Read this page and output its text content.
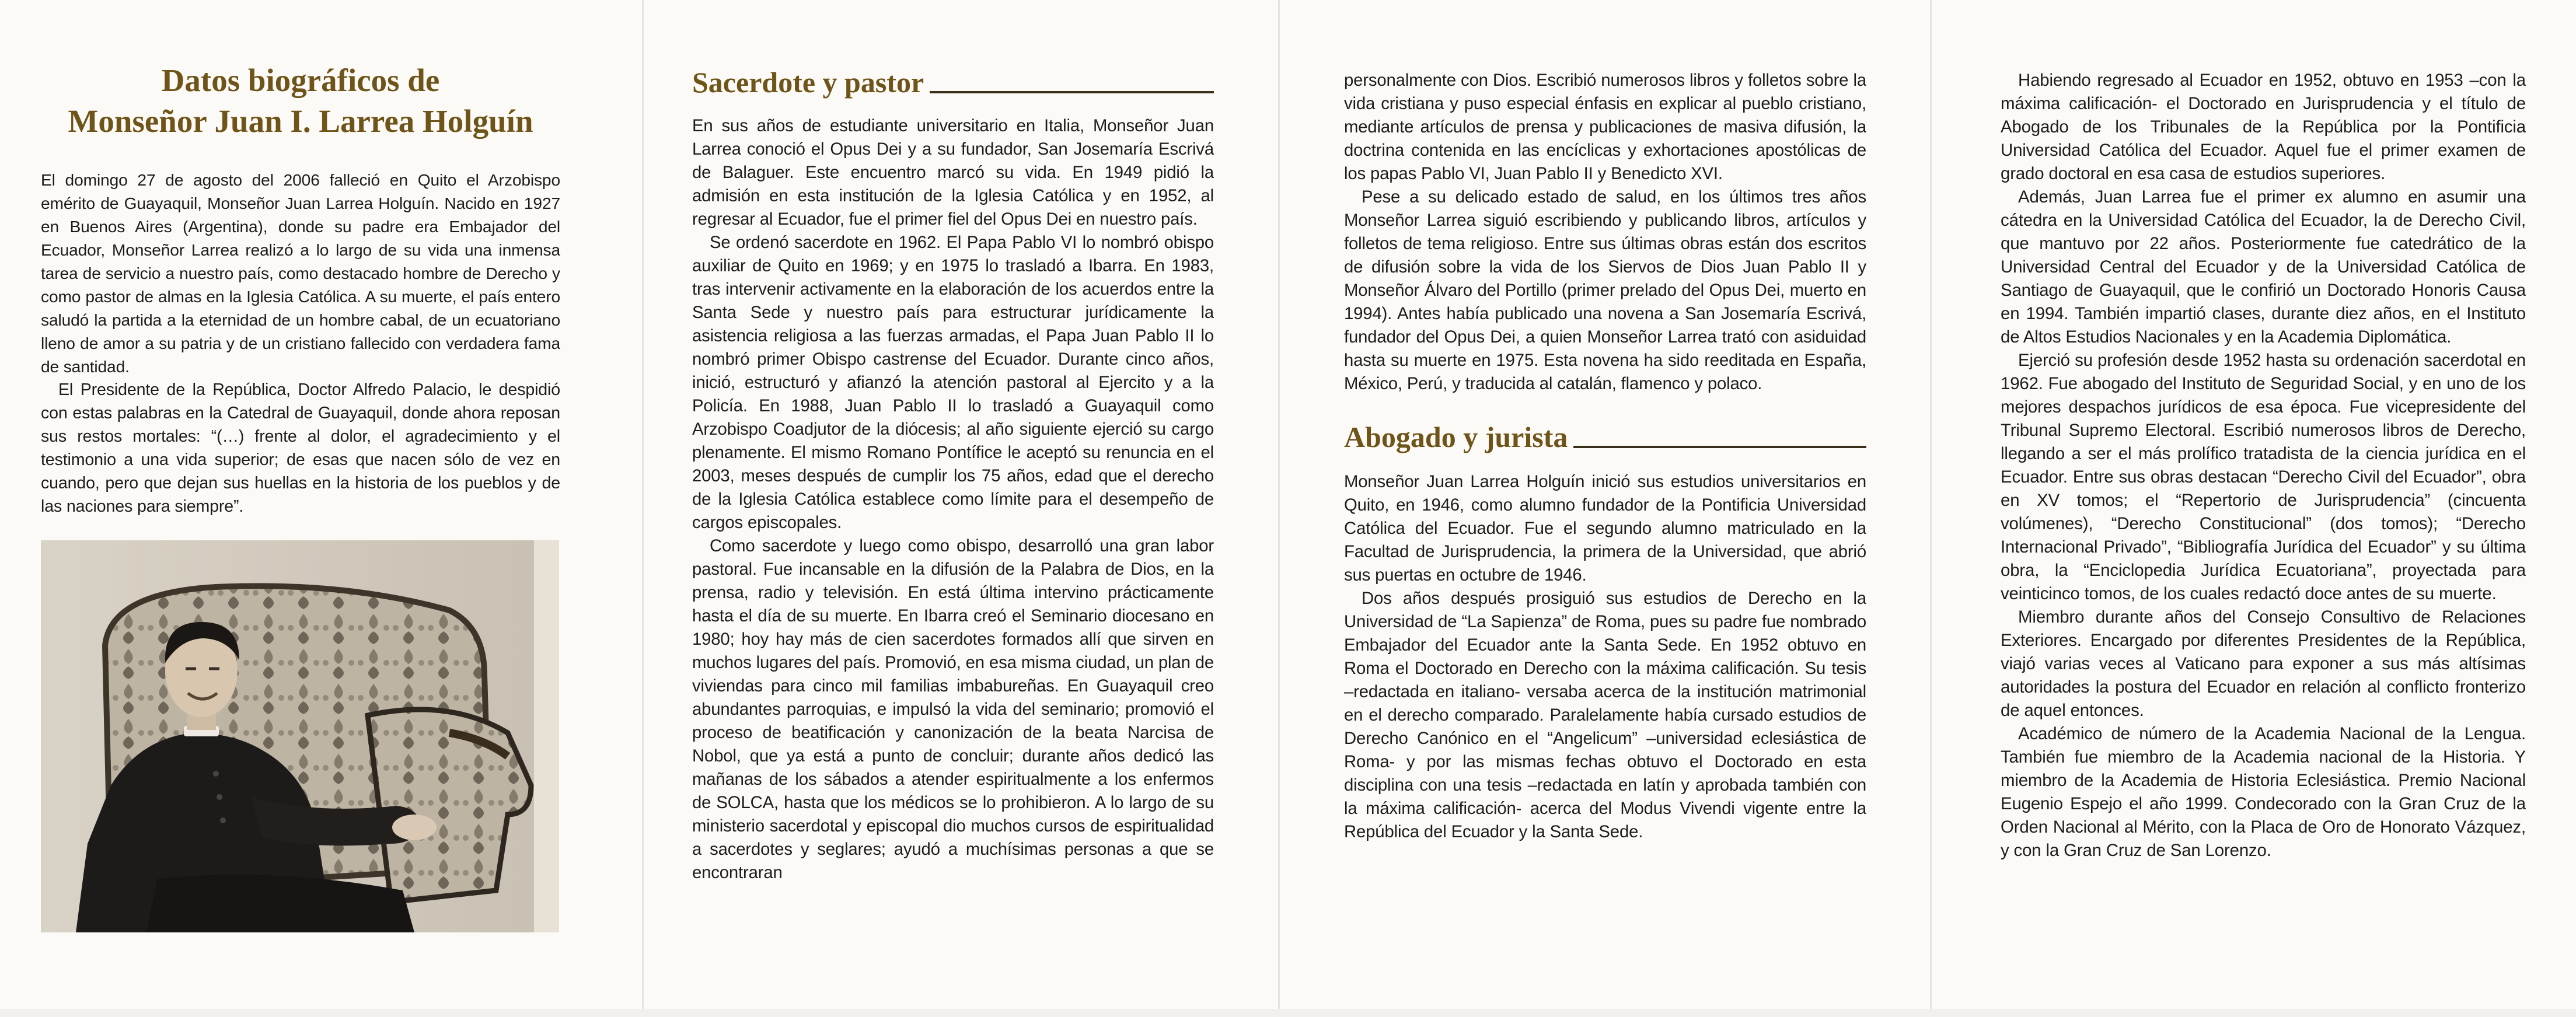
Datos biográficos de
Monseñor Juan I. Larrea Holguín

El domingo 27 de agosto del 2006 falleció en Quito el Arzobispo emérito de Guayaquil, Monseñor Juan Larrea Holguín. Nacido en 1927 en Buenos Aires (Argentina), donde su padre era Embajador del Ecuador, Monseñor Larrea realizó a lo largo de su vida una inmensa tarea de servicio a nuestro país, como destacado hombre de Derecho y como pastor de almas en la Iglesia Católica. A su muerte, el país entero saludó la partida a la eternidad de un hombre cabal, de un ecuatoriano lleno de amor a su patria y de un cristiano fallecido con verdadera fama de santidad.

El Presidente de la República, Doctor Alfredo Palacio, le despidió con estas palabras en la Catedral de Guayaquil, donde ahora reposan sus restos mortales: “(…) frente al dolor, el agradecimiento y el testimonio a una vida superior; de esas que nacen sólo de vez en cuando, pero que dejan sus huellas en la historia de los pueblos y de las naciones para siempre”.

Sacerdote y pastor

En sus años de estudiante universitario en Italia, Monseñor Juan Larrea conoció el Opus Dei y a su fundador, San Josemaría Escrivá de Balaguer. Este encuentro marcó su vida. En 1949 pidió la admisión en esta institución de la Iglesia Católica y en 1952, al regresar al Ecuador, fue el primer fiel del Opus Dei en nuestro país.

Se ordenó sacerdote en 1962. El Papa Pablo VI lo nombró obispo auxiliar de Quito en 1969; y en 1975 lo trasladó a Ibarra. En 1983, tras intervenir activamente en la elaboración de los acuerdos entre la Santa Sede y nuestro país para estructurar jurídicamente la asistencia religiosa a las fuerzas armadas, el Papa Juan Pablo II lo nombró primer Obispo castrense del Ecuador. Durante cinco años, inició, estructuró y afianzó la atención pastoral al Ejercito y a la Policía. En 1988, Juan Pablo II lo trasladó a Guayaquil como Arzobispo Coadjutor de la diócesis; al año siguiente ejerció su cargo plenamente. El mismo Romano Pontífice le aceptó su renuncia en el 2003, meses después de cumplir los 75 años, edad que el derecho de la Iglesia Católica establece como límite para el desempeño de cargos episcopales.

Como sacerdote y luego como obispo, desarrolló una gran labor pastoral. Fue incansable en la difusión de la Palabra de Dios, en la prensa, radio y televisión. En está última intervino prácticamente hasta el día de su muerte. En Ibarra creó el Seminario diocesano en 1980; hoy hay más de cien sacerdotes formados allí que sirven en muchos lugares del país. Promovió, en esa misma ciudad, un plan de viviendas para cinco mil familias imbabureñas. En Guayaquil creo abundantes parroquias, e impulsó la vida del seminario; promovió el proceso de beatificación y canonización de la beata Narcisa de Nobol, que ya está a punto de concluir; durante años dedicó las mañanas de los sábados a atender espiritualmente a los enfermos de SOLCA, hasta que los médicos se lo prohibieron. A lo largo de su ministerio sacerdotal y episcopal dio muchos cursos de espiritualidad a sacerdotes y seglares; ayudó a muchísimas personas a que se encontraran

personalmente con Dios. Escribió numerosos libros y folletos sobre la vida cristiana y puso especial énfasis en explicar al pueblo cristiano, mediante artículos de prensa y publicaciones de masiva difusión, la doctrina contenida en las encíclicas y exhortaciones apostólicas de los papas Pablo VI, Juan Pablo II y Benedicto XVI.

Pese a su delicado estado de salud, en los últimos tres años Monseñor Larrea siguió escribiendo y publicando libros, artículos y folletos de tema religioso. Entre sus últimas obras están dos escritos de difusión sobre la vida de los Siervos de Dios Juan Pablo II y Monseñor Álvaro del Portillo (primer prelado del Opus Dei, muerto en 1994). Antes había publicado una novena a San Josemaría Escrivá, fundador del Opus Dei, a quien Monseñor Larrea trató con asiduidad hasta su muerte en 1975. Esta novena ha sido reeditada en España, México, Perú, y traducida al catalán, flamenco y polaco.

Abogado y jurista

Monseñor Juan Larrea Holguín inició sus estudios universitarios en Quito, en 1946, como alumno fundador de la Pontificia Universidad Católica del Ecuador. Fue el segundo alumno matriculado en la Facultad de Jurisprudencia, la primera de la Universidad, que abrió sus puertas en octubre de 1946.

Dos años después prosiguió sus estudios de Derecho en la Universidad de “La Sapienza” de Roma, pues su padre fue nombrado Embajador del Ecuador ante la Santa Sede. En 1952 obtuvo en Roma el Doctorado en Derecho con la máxima calificación. Su tesis –redactada en italiano- versaba acerca de la institución matrimonial en el derecho comparado. Paralelamente había cursado estudios de Derecho Canónico en el “Angelicum” –universidad eclesiástica de Roma- y por las mismas fechas obtuvo el Doctorado en esta disciplina con una tesis –redactada en latín y aprobada también con la máxima calificación- acerca del Modus Vivendi vigente entre la República del Ecuador y la Santa Sede.

Habiendo regresado al Ecuador en 1952, obtuvo en 1953 –con la máxima calificación- el Doctorado en Jurisprudencia y el título de Abogado de los Tribunales de la República por la Pontificia Universidad Católica del Ecuador. Aquel fue el primer examen de grado doctoral en esa casa de estudios superiores.

Además, Juan Larrea fue el primer ex alumno en asumir una cátedra en la Universidad Católica del Ecuador, la de Derecho Civil, que mantuvo por 22 años. Posteriormente fue catedrático de la Universidad Central del Ecuador y de la Universidad Católica de Santiago de Guayaquil, que le confirió un Doctorado Honoris Causa en 1994. También impartió clases, durante diez años, en el Instituto de Altos Estudios Nacionales y en la Academia Diplomática.

Ejerció su profesión desde 1952 hasta su ordenación sacerdotal en 1962. Fue abogado del Instituto de Seguridad Social, y en uno de los mejores despachos jurídicos de esa época. Fue vicepresidente del Tribunal Supremo Electoral. Escribió numerosos libros de Derecho, llegando a ser el más prolífico tratadista de la ciencia jurídica en el Ecuador. Entre sus obras destacan “Derecho Civil del Ecuador”, obra en XV tomos; el “Repertorio de Jurisprudencia” (cincuenta volúmenes), “Derecho Constitucional” (dos tomos); “Derecho Internacional Privado”, “Bibliografía Jurídica del Ecuador” y su última obra, la “Enciclopedia Jurídica Ecuatoriana”, proyectada para veinticinco tomos, de los cuales redactó doce antes de su muerte.

Miembro durante años del Consejo Consultivo de Relaciones Exteriores. Encargado por diferentes Presidentes de la República, viajó varias veces al Vaticano para exponer a sus más altísimas autoridades la postura del Ecuador en relación al conflicto fronterizo de aquel entonces.

Académico de número de la Academia Nacional de la Lengua. También fue miembro de la Academia nacional de la Historia. Y miembro de la Academia de Historia Eclesiástica. Premio Nacional Eugenio Espejo el año 1999. Condecorado con la Gran Cruz de la Orden Nacional al Mérito, con la Placa de Oro de Honorato Vázquez, y con la Gran Cruz de San Lorenzo.
